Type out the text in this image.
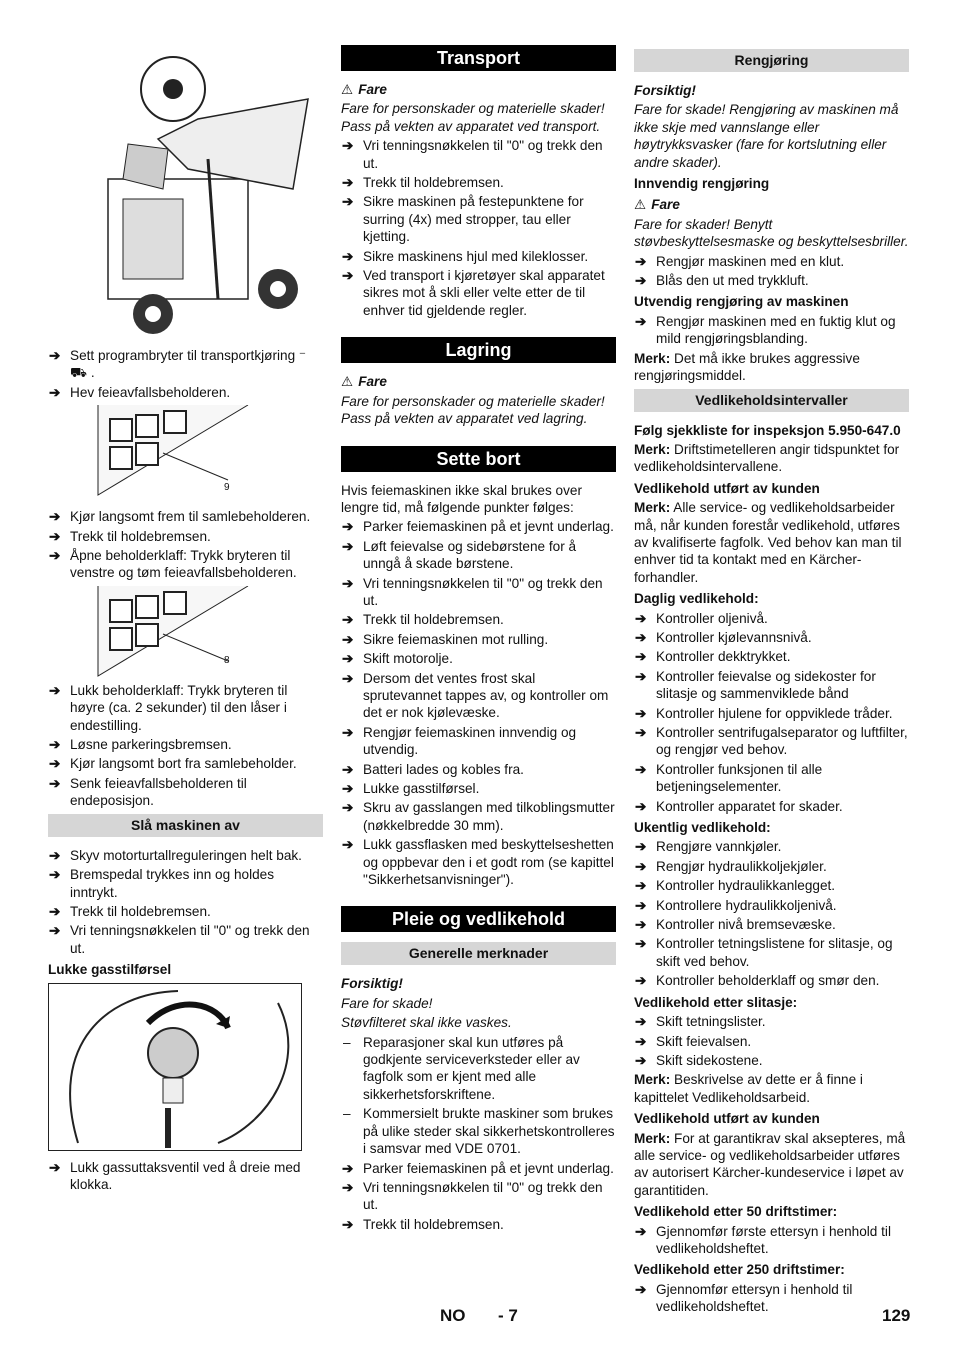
➔ Sett programbryter til transportkjøring ⁻⛟ .
➔ Hev feieavfallsbeholderen.
9
➔ Kjør langsomt frem til samlebeholderen.
➔ Trekk til holdebremsen.
➔ Åpne beholderklaff: Trykk bryteren til venstre og tøm feieavfallsbeholderen.
8
➔ Lukk beholderklaff: Trykk bryteren til høyre (ca. 2 sekunder) til den låser i endestilling.
➔ Løsne parkeringsbremsen.
➔ Kjør langsomt bort fra samlebeholder.
➔ Senk feieavfallsbeholderen til endeposisjon.
Slå maskinen av
➔ Skyv motorturtallreguleringen helt bak.
➔ Bremspedal trykkes inn og holdes inntrykt.
➔ Trekk til holdebremsen.
➔ Vri tenningsnøkkelen til "0" og trekk den ut.
Lukke gasstilførsel
➔ Lukk gassuttaksventil ved å dreie med klokka.
Transport
⚠ Fare
Fare for personskader og materielle skader! Pass på vekten av apparatet ved transport.
➔ Vri tenningsnøkkelen til "0" og trekk den ut.
➔ Trekk til holdebremsen.
➔ Sikre maskinen på festepunktene for surring (4x) med stropper, tau eller kjetting.
➔ Sikre maskinens hjul med kileklosser.
➔ Ved transport i kjøretøyer skal apparatet sikres mot å skli eller velte etter de til enhver tid gjeldende regler.
Lagring
⚠ Fare
Fare for personskader og materielle skader! Pass på vekten av apparatet ved lagring.
Sette bort
Hvis feiemaskinen ikke skal brukes over lengre tid, må følgende punkter følges:
➔ Parker feiemaskinen på et jevnt underlag.
➔ Løft feievalse og sidebørstene for å unngå å skade børstene.
➔ Vri tenningsnøkkelen til "0" og trekk den ut.
➔ Trekk til holdebremsen.
➔ Sikre feiemaskinen mot rulling.
➔ Skift motorolje.
➔ Dersom det ventes frost skal sprutevannet tappes av, og kontroller om det er nok kjølevæske.
➔ Rengjør feiemaskinen innvendig og utvendig.
➔ Batteri lades og kobles fra.
➔ Lukke gasstilførsel.
➔ Skru av gasslangen med tilkoblingsmutter (nøkkelbredde 30 mm).
➔ Lukk gassflasken med beskyttelseshetten og oppbevar den i et godt rom (se kapittel "Sikkerhetsanvisninger").
Pleie og vedlikehold
Generelle merknader
Forsiktig!
Fare for skade!
Støvfilteret skal ikke vaskes.
– Reparasjoner skal kun utføres på godkjente serviceverksteder eller av fagfolk som er kjent med alle sikkerhetsforskriftene.
– Kommersielt brukte maskiner som brukes på ulike steder skal sikkerhetskontrolleres i samsvar med VDE 0701.
➔ Parker feiemaskinen på et jevnt underlag.
➔ Vri tenningsnøkkelen til "0" og trekk den ut.
➔ Trekk til holdebremsen.
Rengjøring
Forsiktig!
Fare for skade! Rengjøring av maskinen må ikke skje med vannslange eller høytrykksvasker (fare for kortslutning eller andre skader).
Innvendig rengjøring
⚠ Fare
Fare for skader! Benytt støvbeskyttelsesmaske og beskyttelsesbriller.
➔ Rengjør maskinen med en klut.
➔ Blås den ut med trykkluft.
Utvendig rengjøring av maskinen
➔ Rengjør maskinen med en fuktig klut og mild rengjøringsblanding.
Merk: Det må ikke brukes aggressive rengjøringsmiddel.
Vedlikeholdsintervaller
Følg sjekkliste for inspeksjon 5.950-647.0
Merk: Driftstimetelleren angir tidspunktet for vedlikeholdsintervallene.
Vedlikehold utført av kunden
Merk: Alle service- og vedlikeholdsarbeider må, når kunden forestår vedlikehold, utføres av kvalifiserte fagfolk. Ved behov kan man til enhver tid ta kontakt med en Kärcher-forhandler.
Daglig vedlikehold:
➔ Kontroller oljenivå.
➔ Kontroller kjølevannsnivå.
➔ Kontroller dekktrykket.
➔ Kontroller feievalse og sidekoster for slitasje og sammenviklede bånd
➔ Kontroller hjulene for oppviklede tråder.
➔ Kontroller sentrifugalseparator og luftfilter, og rengjør ved behov.
➔ Kontroller funksjonen til alle betjeningselementer.
➔ Kontroller apparatet for skader.
Ukentlig vedlikehold:
➔ Rengjøre vannkjøler.
➔ Rengjør hydraulikkoljekjøler.
➔ Kontroller hydraulikkanlegget.
➔ Kontrollere hydraulikkoljenivå.
➔ Kontroller nivå bremsevæske.
➔ Kontroller tetningslistene for slitasje, og skift ved behov.
➔ Kontroller beholderklaff og smør den.
Vedlikehold etter slitasje:
➔ Skift tetningslister.
➔ Skift feievalsen.
➔ Skift sidekostene.
Merk: Beskrivelse av dette er å finne i kapittelet Vedlikeholdsarbeid.
Vedlikehold utført av kunden
Merk: For at garantikrav skal aksepteres, må alle service- og vedlikeholdsarbeider utføres av autorisert Kärcher-kundeservice i løpet av garantitiden.
Vedlikehold etter 50 driftstimer:
➔ Gjennomfør første ettersyn i henhold til vedlikeholdsheftet.
Vedlikehold etter 250 driftstimer:
➔ Gjennomfør ettersyn i henhold til vedlikeholdsheftet.
NO - 7	129
